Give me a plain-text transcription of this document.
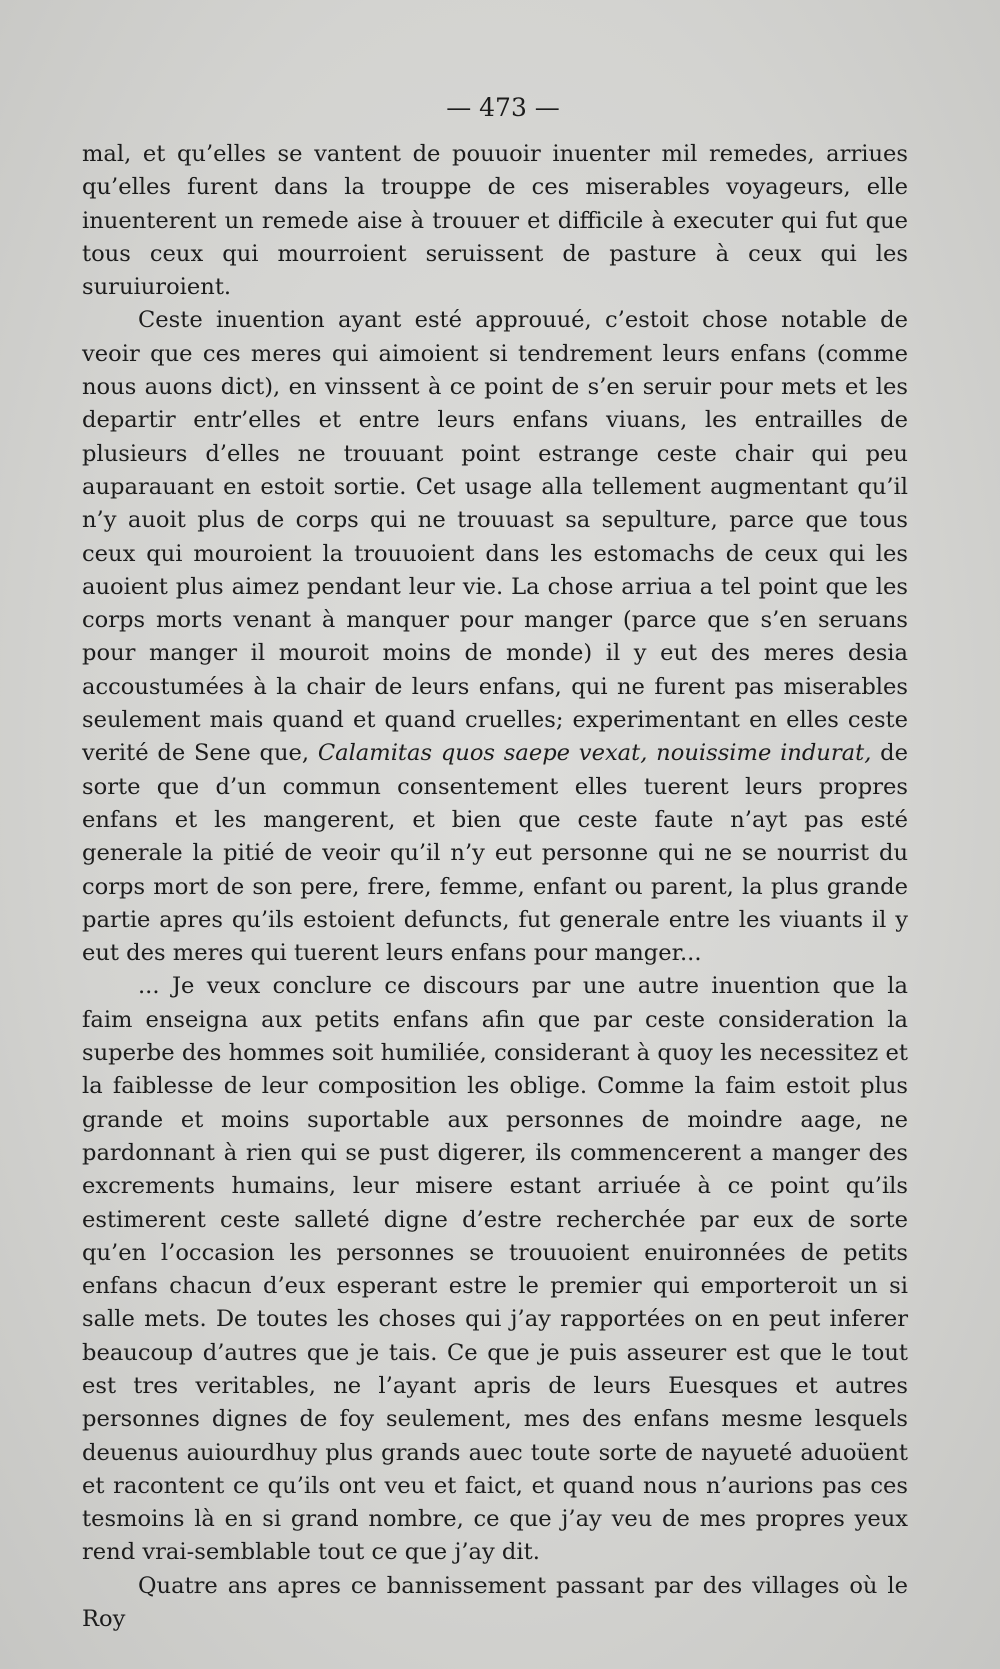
— 473 —

mal, et qu’elles se vantent de pouuoir inuenter mil remedes, arriues qu’elles furent dans la trouppe de ces miserables voyageurs, elle inuenterent un remede aise à trouuer et difficile à executer qui fut que tous ceux qui mourroient seruissent de pasture à ceux qui les suruiuroient.

Ceste inuention ayant esté approuué, c’estoit chose notable de veoir que ces meres qui aimoient si tendrement leurs enfans (comme nous auons dict), en vinssent à ce point de s’en seruir pour mets et les departir entr’elles et entre leurs enfans viuans, les entrailles de plusieurs d’elles ne trouuant point estrange ceste chair qui peu auparauant en estoit sortie. Cet usage alla tellement augmentant qu’il n’y auoit plus de corps qui ne trouuast sa sepulture, parce que tous ceux qui mouroient la trouuoient dans les estomachs de ceux qui les auoient plus aimez pendant leur vie. La chose arriua a tel point que les corps morts venant à manquer pour manger (parce que s’en seruans pour manger il mouroit moins de monde) il y eut des meres desia accoustumées à la chair de leurs enfans, qui ne furent pas miserables seulement mais quand et quand cruelles; experimentant en elles ceste verité de Sene que, Calamitas quos saepe vexat, nouissime indurat, de sorte que d’un commun consentement elles tuerent leurs propres enfans et les mangerent, et bien que ceste faute n’ayt pas esté generale la pitié de veoir qu’il n’y eut personne qui ne se nourrist du corps mort de son pere, frere, femme, enfant ou parent, la plus grande partie apres qu’ils estoient defuncts, fut generale entre les viuants il y eut des meres qui tuerent leurs enfans pour manger...

... Je veux conclure ce discours par une autre inuention que la faim enseigna aux petits enfans afin que par ceste consideration la superbe des hommes soit humiliée, considerant à quoy les necessitez et la faiblesse de leur composition les oblige. Comme la faim estoit plus grande et moins suportable aux personnes de moindre aage, ne pardonnant à rien qui se pust digerer, ils commencerent a manger des excrements humains, leur misere estant arriuée à ce point qu’ils estimerent ceste salleté digne d’estre recherchée par eux de sorte qu’en l’occasion les personnes se trouuoient enuironnées de petits enfans chacun d’eux esperant estre le premier qui emporteroit un si salle mets. De toutes les choses qui j’ay rapportées on en peut inferer beaucoup d’autres que je tais. Ce que je puis asseurer est que le tout est tres veritables, ne l’ayant apris de leurs Euesques et autres personnes dignes de foy seulement, mes des enfans mesme lesquels deuenus auiourdhuy plus grands auec toute sorte de nayueté aduoüent et racontent ce qu’ils ont veu et faict, et quand nous n’aurions pas ces tesmoins là en si grand nombre, ce que j’ay veu de mes propres yeux rend vrai-semblable tout ce que j’ay dit.

Quatre ans apres ce bannissement passant par des villages où le Roy
